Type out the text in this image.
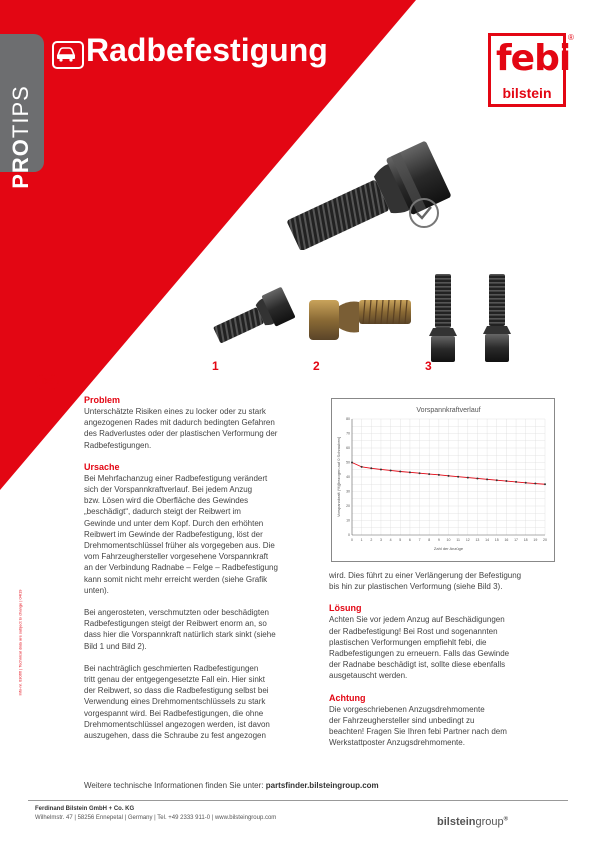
PROTIPS
Radbefestigung	febi
bilstein
®
1	2	3
DE
Problem

Unterschätzte Risiken eines zu locker oder zu stark
angezogenen Rades mit dadurch bedingten Gefahren
des Radverlustes oder der plastischen Verformung der
Radbefestigungen.

Ursache

Bei Mehrfachanzug einer Radbefestigung verändert
sich der Vorspannkraftverlauf. Bei jedem Anzug
bzw. Lösen wird die Oberfläche des Gewindes
„beschädigt“, dadurch steigt der Reibwert im
Gewinde und unter dem Kopf. Durch den erhöhten
Reibwert im Gewinde der Radbefestigung, löst der
Drehmomentschlüssel früher als vorgegeben aus. Die
vom Fahrzeughersteller vorgesehene Vorspannkraft
an der Verbindung Radnabe – Felge – Radbefestigung
kann somit nicht mehr erreicht werden (siehe Grafik
unten).

Bei angerosteten, verschmutzten oder beschädigten
Radbefestigungen steigt der Reibwert enorm an, so
dass hier die Vorspannkraft natürlich stark sinkt (siehe
Bild 1 und Bild 2).

Bei nachträglich geschmierten Radbefestigungen
tritt genau der entgegengesetzte Fall ein. Hier sinkt
der Reibwert, so dass die Radbefestigung selbst bei
Verwendung eines Drehmomentschlüssels zu stark
vorgespannt wird. Bei Radbefestigungen, die ohne
Drehmomentschlüssel angezogen werden, ist davon
auszugehen, dass die Schraube zu fest angezogen

Vorspannkraftverlauf
0 1 2 3 4 5 6 7 8 9 10 11 12 13 14 15 16 17 18 19 20
0
10
20
30
40
50
60
70
80
Zahl der Anzüge
Vorspannkraft (%)[bezogen auf 0 Schrauben]

wird. Dies führt zu einer Verlängerung der Befestigung
bis hin zur plastischen Verformung (siehe Bild 3).

Lösung

Achten Sie vor jedem Anzug auf Beschädigungen
der Radbefestigung! Bei Rost und sogenannten
plastischen Verformungen empfiehlt febi, die
Radbefestigungen zu erneuern. Falls das Gewinde
der Radnabe beschädigt ist, sollte diese ebenfalls
ausgetauscht werden.

Achtung

Die vorgeschriebenen Anzugsdrehmomente
der Fahrzeughersteller sind unbedingt zu
beachten! Fragen Sie Ihren febi Partner nach dem
Werkstattposter Anzugsdrehmomente.

Info-nr. 03066 | Technical data are subject to change | 04/19
Weitere technische Informationen finden Sie unter: partsfinder.bilsteingroup.com
Ferdinand Bilstein GmbH + Co. KG
Wilhelmstr. 47 | 58256 Ennepetal | Germany | Tel. +49 2333 911-0 | www.bilsteingroup.com	bilsteingroup®
